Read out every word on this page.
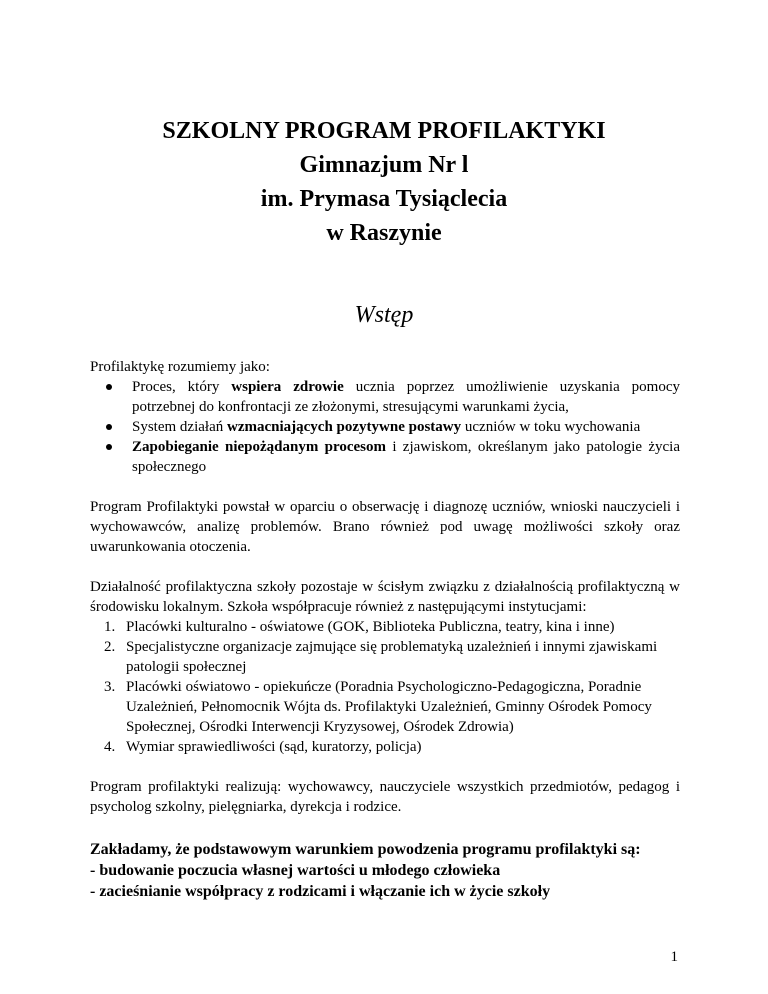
SZKOLNY PROGRAM PROFILAKTYKI
Gimnazjum Nr l
im. Prymasa Tysiąclecia
w Raszynie
Wstęp

Profilaktykę rozumiemy jako:

Proces, który wspiera zdrowie ucznia poprzez umożliwienie uzyskania pomocy potrzebnej do konfrontacji ze złożonymi, stresującymi warunkami życia,
System działań wzmacniających pozytywne postawy uczniów w toku wychowania
Zapobieganie niepożądanym procesom i zjawiskom, określanym jako patologie życia społecznego

Program Profilaktyki powstał w oparciu o obserwację i diagnozę uczniów, wnioski nauczycieli i wychowawców, analizę problemów. Brano również pod uwagę możliwości szkoły oraz uwarunkowania otoczenia.

Działalność profilaktyczna szkoły pozostaje w ścisłym związku z działalnością profilaktyczną w środowisku lokalnym. Szkoła współpracuje również z następującymi instytucjami:

1. Placówki kulturalno - oświatowe (GOK, Biblioteka Publiczna, teatry, kina i inne)
2. Specjalistyczne organizacje zajmujące się problematyką uzależnień i innymi zjawiskami patologii społecznej
3. Placówki oświatowo - opiekuńcze (Poradnia Psychologiczno-Pedagogiczna, Poradnie Uzależnień, Pełnomocnik Wójta ds. Profilaktyki Uzależnień, Gminny Ośrodek Pomocy Społecznej, Ośrodki Interwencji Kryzysowej, Ośrodek Zdrowia)
4. Wymiar sprawiedliwości (sąd, kuratorzy, policja)

Program profilaktyki realizują: wychowawcy, nauczyciele wszystkich przedmiotów, pedagog i psycholog szkolny, pielęgniarka, dyrekcja i rodzice.

Zakładamy, że podstawowym warunkiem powodzenia programu profilaktyki są:
- budowanie poczucia własnej wartości u młodego człowieka
- zacieśnianie współpracy z rodzicami i włączanie ich w życie szkoły
1
